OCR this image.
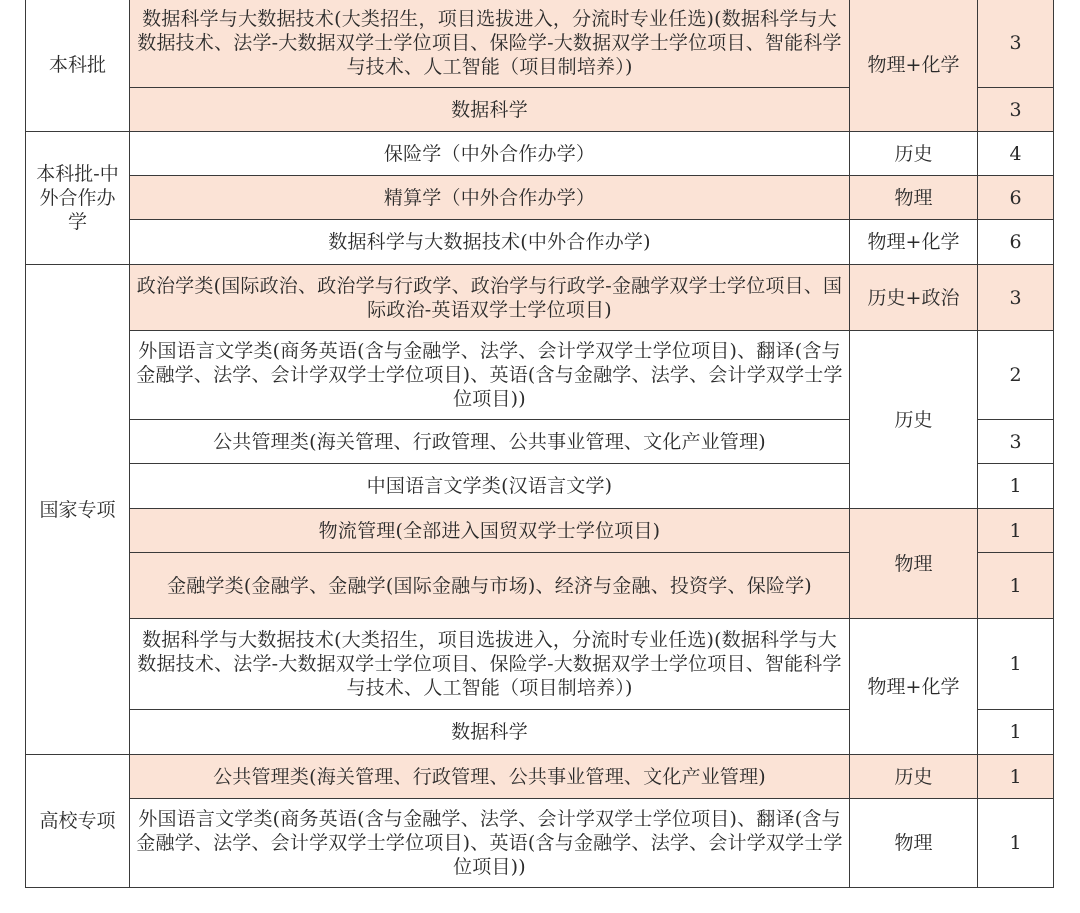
本科批	数据科学与大数据技术(大类招生，项目选拔进入，分流时专业任选)(数据科学与大数据技术、法学-大数据双学士学位项目、保险学-大数据双学士学位项目、智能科学与技术、人工智能（项目制培养）)	物理+化学	3
	数据科学		3
本科批-中外合作办学	保险学（中外合作办学）	历史	4
	精算学（中外合作办学）	物理	6
	数据科学与大数据技术(中外合作办学)	物理+化学	6
国家专项	政治学类(国际政治、政治学与行政学、政治学与行政学-金融学双学士学位项目、国际政治-英语双学士学位项目)	历史+政治	3
	外国语言文学类(商务英语(含与金融学、法学、会计学双学士学位项目)、翻译(含与金融学、法学、会计学双学士学位项目)、英语(含与金融学、法学、会计学双学士学位项目))	历史	2
	公共管理类(海关管理、行政管理、公共事业管理、文化产业管理)		3
	中国语言文学类(汉语言文学)		1
	物流管理(全部进入国贸双学士学位项目)	物理	1
	金融学类(金融学、金融学(国际金融与市场)、经济与金融、投资学、保险学)		1
	数据科学与大数据技术(大类招生，项目选拔进入，分流时专业任选)(数据科学与大数据技术、法学-大数据双学士学位项目、保险学-大数据双学士学位项目、智能科学与技术、人工智能（项目制培养）)	物理+化学	1
	数据科学		1
高校专项	公共管理类(海关管理、行政管理、公共事业管理、文化产业管理)	历史	1
	外国语言文学类(商务英语(含与金融学、法学、会计学双学士学位项目)、翻译(含与金融学、法学、会计学双学士学位项目)、英语(含与金融学、法学、会计学双学士学位项目))	物理	1
